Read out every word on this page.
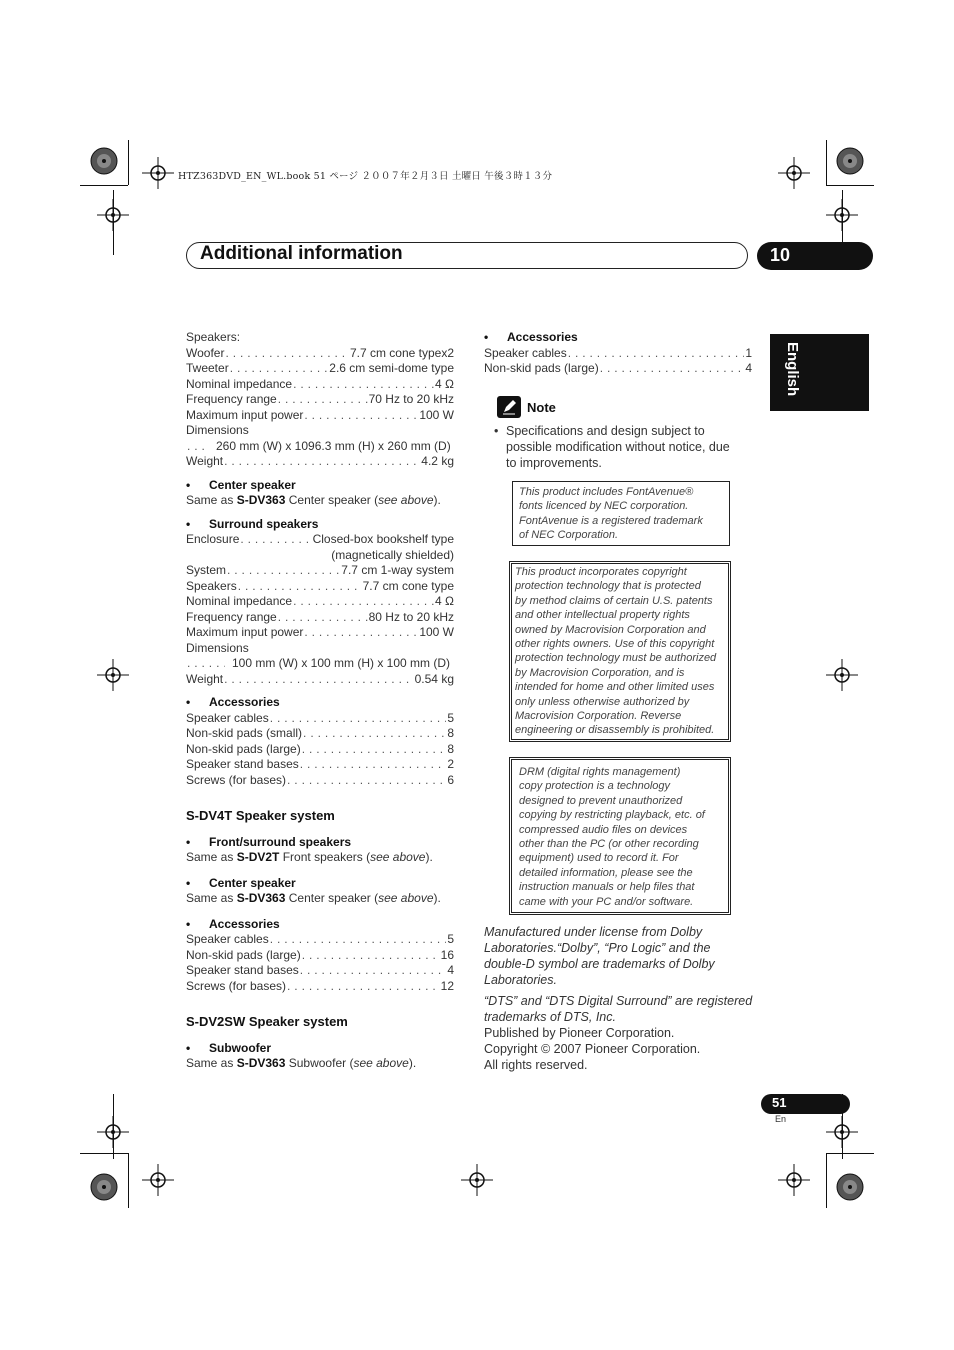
HTZ363DVD_EN_WL.book 51 ページ ２００７年２月３日 土曜日 午後３時１３分
Additional information	10
English
Speakers:
Woofer . . .	7.7 cm cone typex2
Tweeter . . .	2.6 cm semi-dome type
Nominal impedance . . .	4 Ω
Frequency range . . .	70 Hz to 20 kHz
Maximum input power . . .	100 W
Dimensions
. . .
260 mm (W) x 1096.3 mm (H) x 260 mm (D)
Weight . . .	4.2 kg
• Center speaker
Same as S-DV363 Center speaker (see above).
• Surround speakers
Enclosure . . .	Closed-box bookshelf type
(magnetically shielded)
System . . .	7.7 cm 1-way system
Speakers . . .	7.7 cm cone type
Nominal impedance . . .	4 Ω
Frequency range . . .	80 Hz to 20 kHz
Maximum input power . . .	100 W
Dimensions
. . .
100 mm (W) x 100 mm (H) x 100 mm (D)
Weight . . .	0.54 kg
• Accessories
Speaker cables . . .	5
Non-skid pads (small) . . .	8
Non-skid pads (large) . . .	8
Speaker stand bases . . .	2
Screws (for bases) . . .	6
S-DV4T Speaker system
• Front/surround speakers
Same as S-DV2T Front speakers (see above).
• Center speaker
Same as S-DV363 Center speaker (see above).
• Accessories
Speaker cables . . .	5
Non-skid pads (large) . . .	16
Speaker stand bases . . .	4
Screws (for bases) . . .	12
S-DV2SW Speaker system
• Subwoofer
Same as S-DV363 Subwoofer (see above).
• Accessories
Speaker cables . . .	1
Non-skid pads (large) . . .	4
Note
• Specifications and design subject to
possible modification without notice, due
to improvements.
This product includes FontAvenue®
fonts licenced by NEC corporation.
FontAvenue is a registered trademark
of NEC Corporation.
This product incorporates copyright
protection technology that is protected
by method claims of certain U.S. patents
and other intellectual property rights
owned by Macrovision Corporation and
other rights owners. Use of this copyright
protection technology must be authorized
by Macrovision Corporation, and is
intended for home and other limited uses
only unless otherwise authorized by
Macrovision Corporation. Reverse
engineering or disassembly is prohibited.
DRM (digital rights management)
copy protection is a technology
designed to prevent unauthorized
copying by restricting playback, etc. of
compressed audio files on devices
other than the PC (or other recording
equipment) used to record it. For
detailed information, please see the
instruction manuals or help files that
came with your PC and/or software.
Manufactured under license from Dolby
Laboratories.“Dolby”, “Pro Logic” and the
double-D symbol are trademarks of Dolby
Laboratories.
“DTS” and “DTS Digital Surround” are registered
trademarks of DTS, Inc.
Published by Pioneer Corporation.
Copyright © 2007 Pioneer Corporation.
All rights reserved.
51
En
